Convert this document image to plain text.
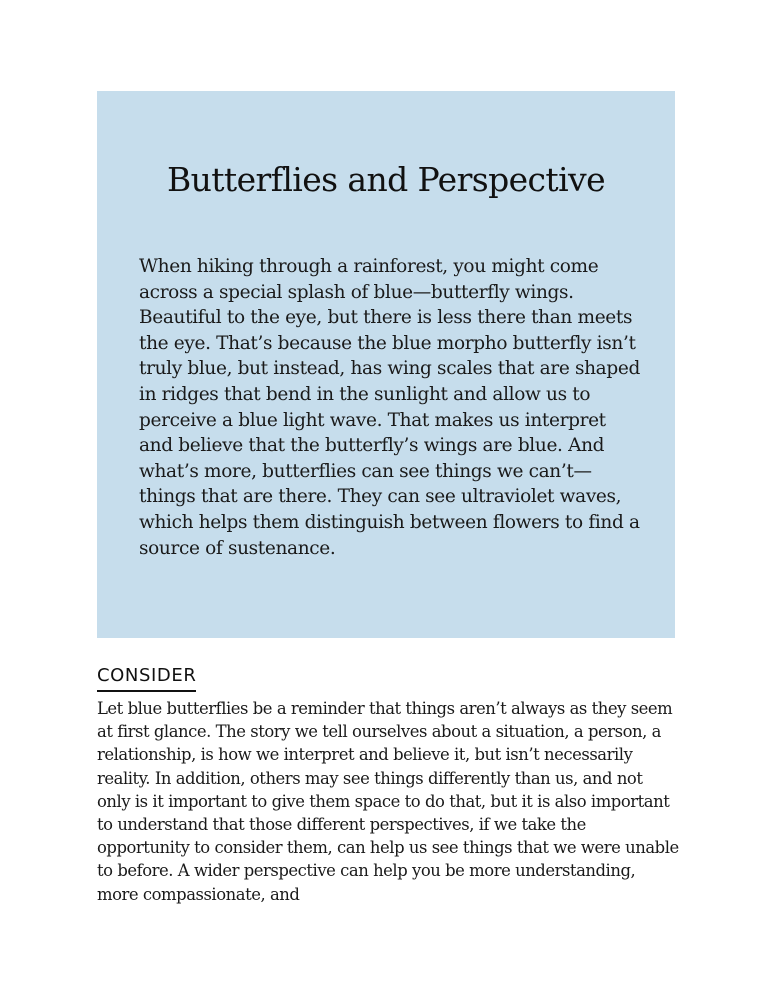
Butterflies and Perspective

When hiking through a rainforest, you might come across a special splash of blue—butterfly wings. Beautiful to the eye, but there is less there than meets the eye. That’s because the blue morpho butterfly isn’t truly blue, but instead, has wing scales that are shaped in ridges that bend in the sunlight and allow us to perceive a blue light wave. That makes us interpret and believe that the butterfly’s wings are blue. And what’s more, butterflies can see things we can’t—things that are there. They can see ultraviolet waves, which helps them distinguish between flowers to find a source of sustenance.

CONSIDER

Let blue butterflies be a reminder that things aren’t always as they seem at first glance. The story we tell ourselves about a situation, a person, a relationship, is how we interpret and believe it, but isn’t necessarily reality. In addition, others may see things differently than us, and not only is it important to give them space to do that, but it is also important to understand that those different perspectives, if we take the opportunity to consider them, can help us see things that we were unable to before. A wider perspective can help you be more understanding, more compassionate, and
